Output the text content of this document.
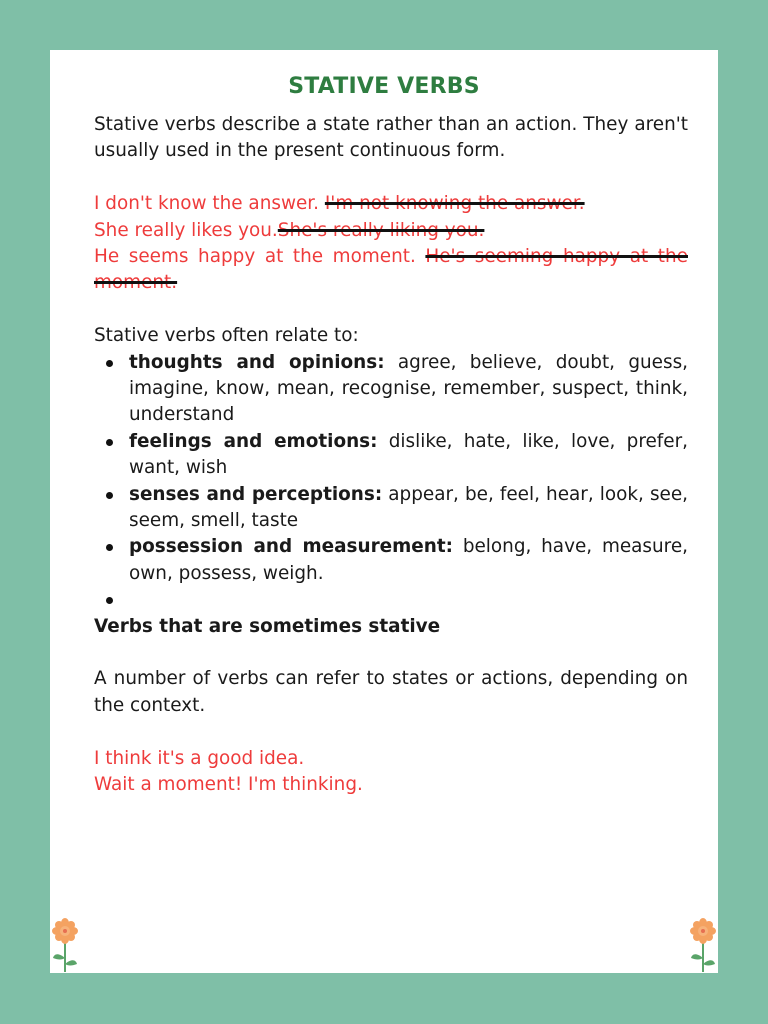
STATIVE VERBS

Stative verbs describe a state rather than an action. They aren't usually used in the present continuous form.

I don't know the answer. I'm not knowing the answer.

She really likes you.She's really liking you.

He seems happy at the moment. He's seeming happy at the moment.

Stative verbs often relate to:

thoughts and opinions: agree, believe, doubt, guess, imagine, know, mean, recognise, remember, suspect, think, understand
feelings and emotions: dislike, hate, like, love, prefer, want, wish
senses and perceptions: appear, be, feel, hear, look, see, seem, smell, taste
possession and measurement: belong, have, measure, own, possess, weigh.

Verbs that are sometimes stative

A number of verbs can refer to states or actions, depending on the context.

I think it's a good idea.

Wait a moment! I'm thinking.
